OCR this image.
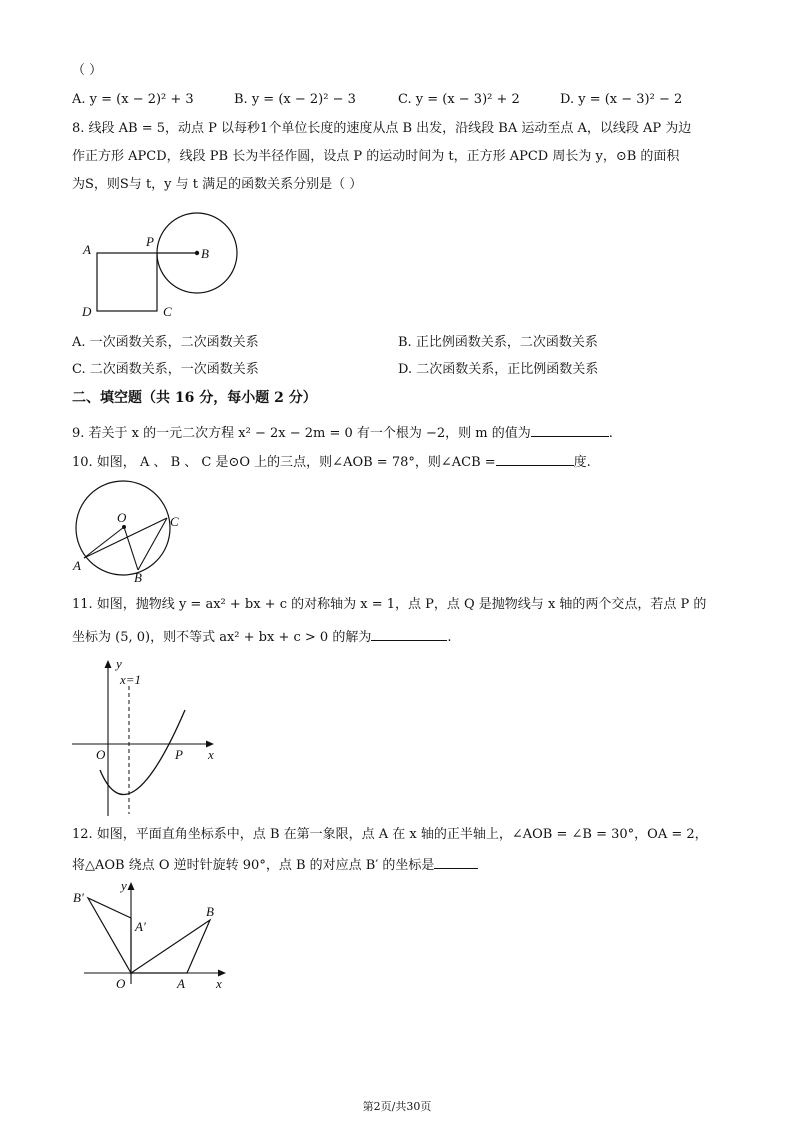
（ ）
A. y = (x − 2)² + 3	B. y = (x − 2)² − 3	C. y = (x − 3)² + 2	D. y = (x − 3)² − 2
8. 线段 AB = 5，动点 P 以每秒1个单位长度的速度从点 B 出发，沿线段 BA 运动至点 A，以线段 AP 为边
作正方形 APCD，线段 PB 长为半径作圆，设点 P 的运动时间为 t，正方形 APCD 周长为 y，⊙B 的面积
为S，则S与 t，y 与 t 满足的函数关系分别是（ ）
A
P
B
D	C
A. 一次函数关系，二次函数关系	B. 正比例函数关系，二次函数关系
C. 二次函数关系，一次函数关系	D. 二次函数关系，正比例函数关系
二、填空题（共 16 分，每小题 2 分）
9. 若关于 x 的一元二次方程 x² − 2x − 2m = 0 有一个根为 −2，则 m 的值为	.
10. 如图， A 、 B 、 C 是⊙O 上的三点，则∠AOB = 78°，则∠ACB =	度.
O	C
A
B
11. 如图，抛物线 y = ax² + bx + c 的对称轴为 x = 1，点 P，点 Q 是抛物线与 x 轴的两个交点，若点 P 的
坐标为 (5, 0)，则不等式 ax² + bx + c > 0 的解为	.
y
x=1
O	P x
12. 如图，平面直角坐标系中，点 B 在第一象限，点 A 在 x 轴的正半轴上，∠AOB = ∠B = 30°，OA = 2，
将△AOB 绕点 O 逆时针旋转 90°，点 B 的对应点 B′ 的坐标是
B′
y
A′
B
O	A x
第2页/共30页
